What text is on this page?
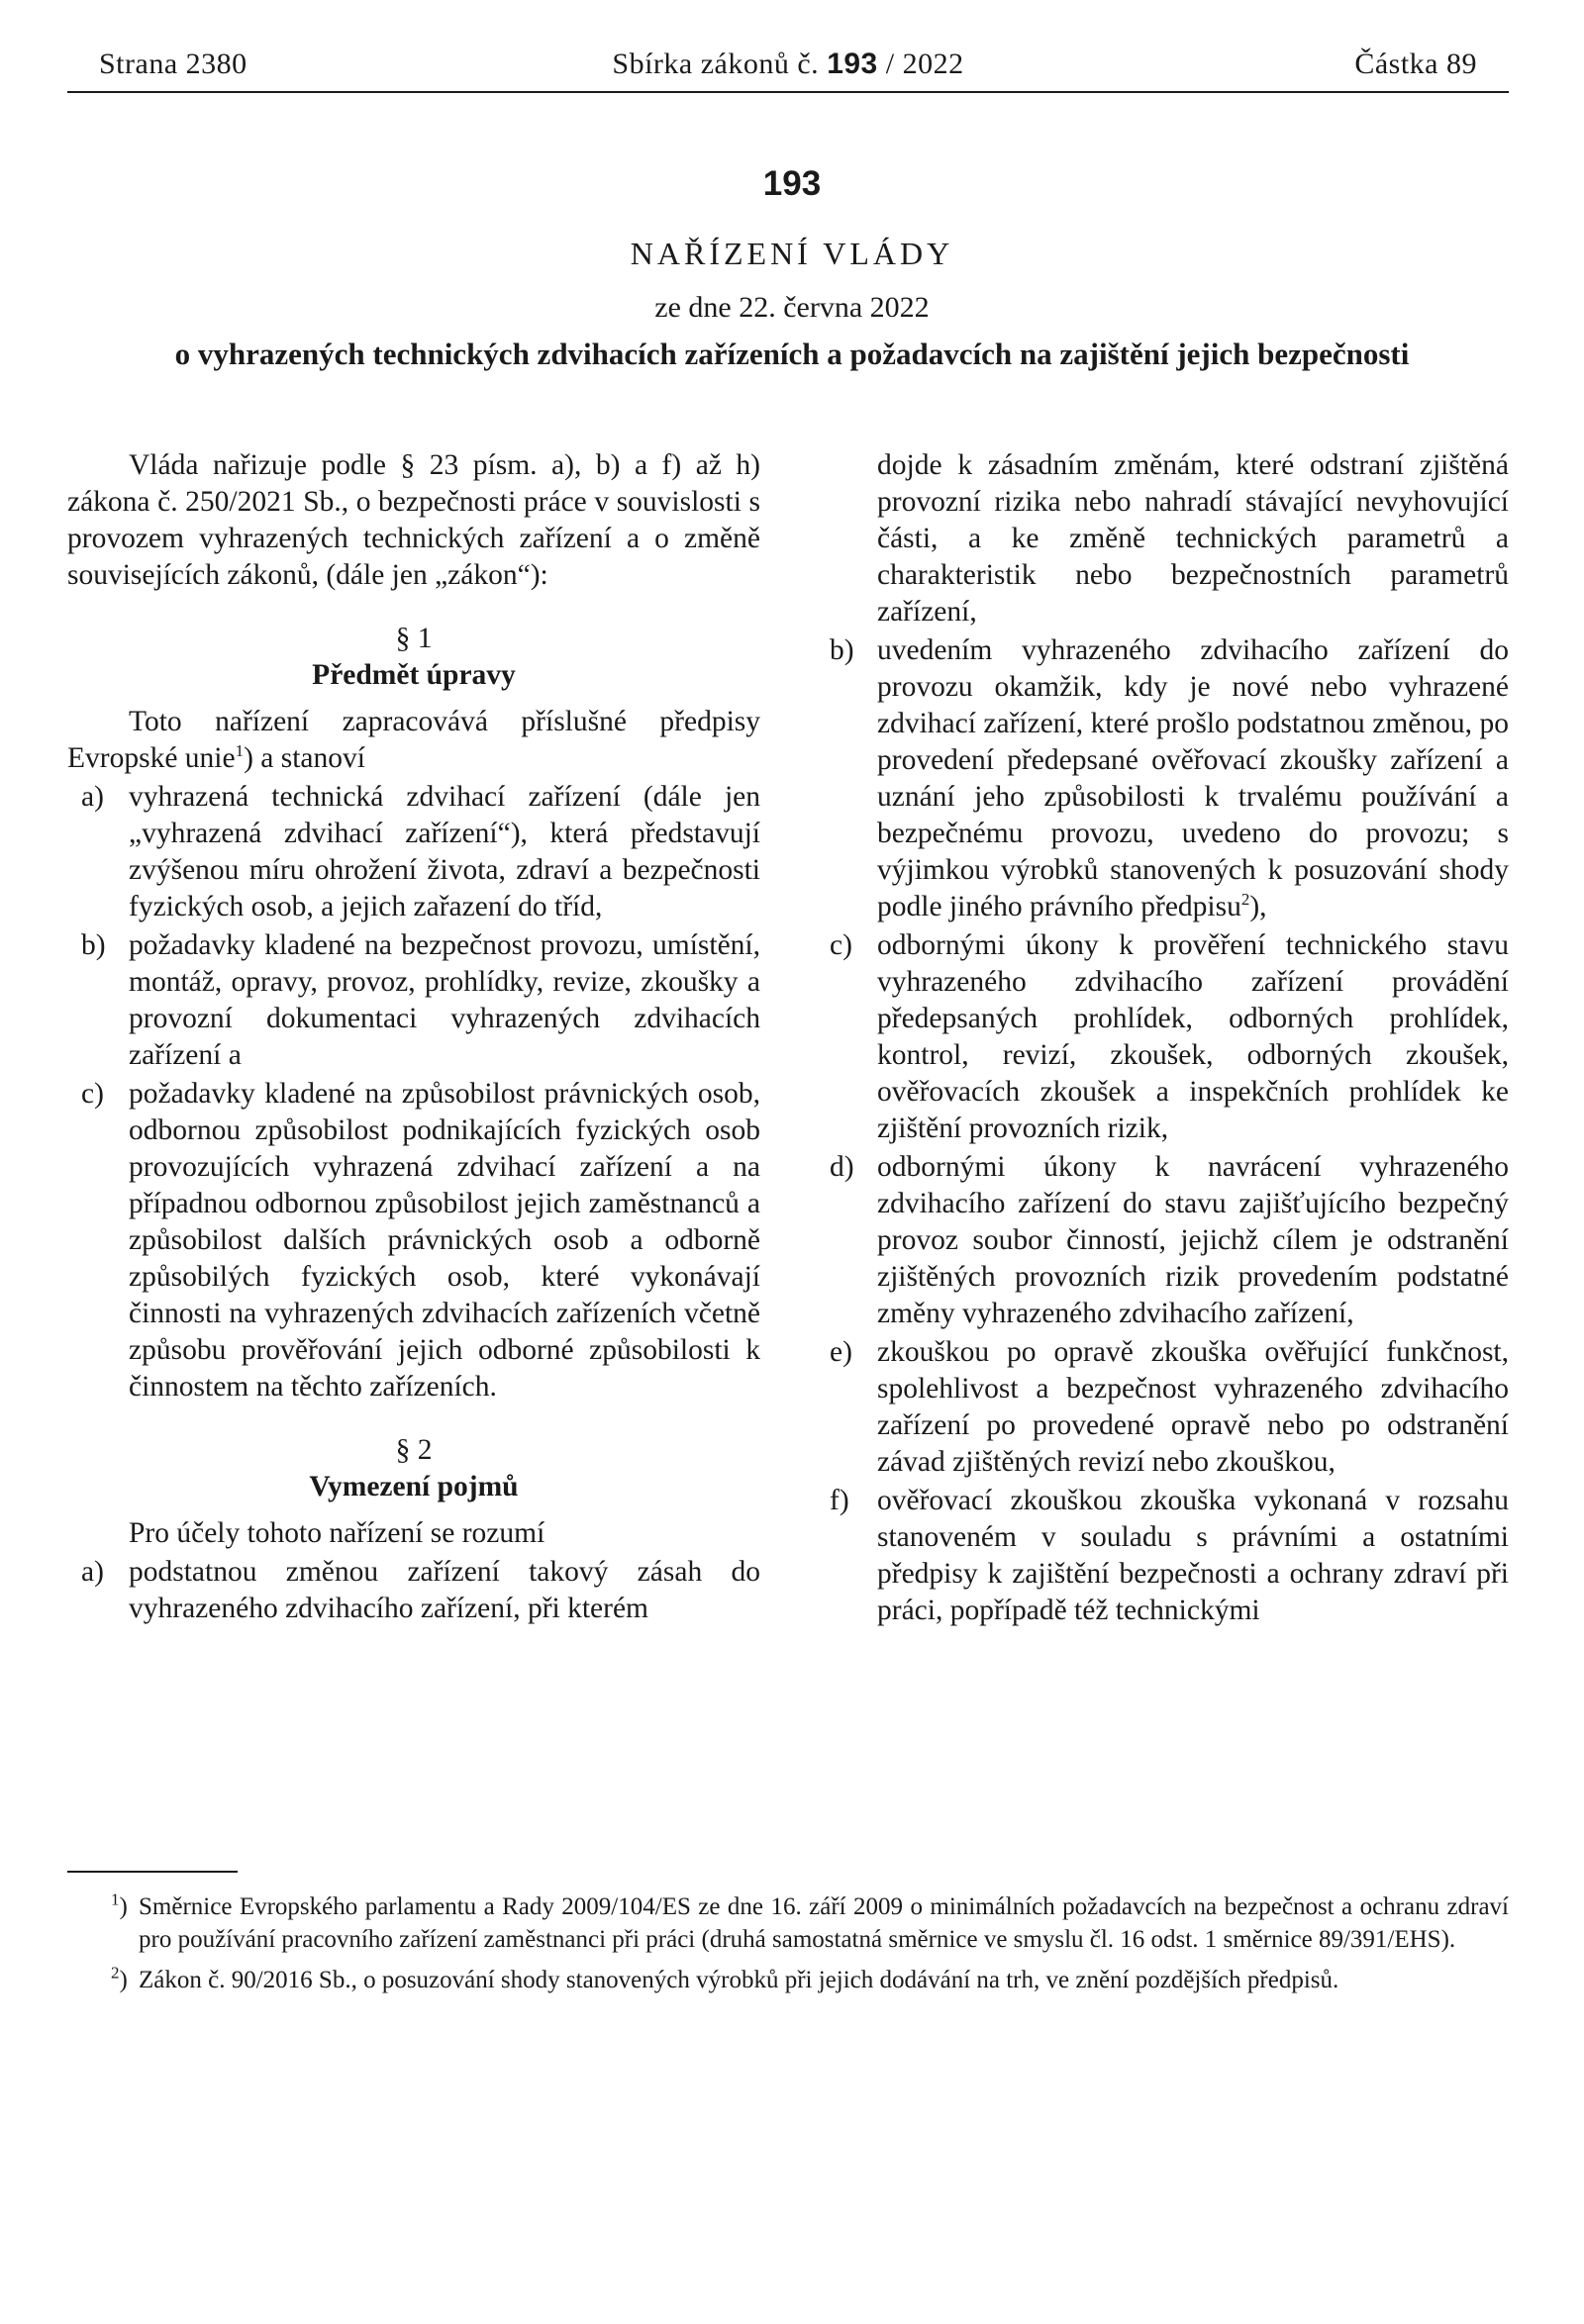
Strana 2380	Sbírka zákonů č. 193 / 2022	Částka 89
193
NAŘÍZENÍ VLÁDY
ze dne 22. června 2022
o vyhrazených technických zdvihacích zařízeních a požadavcích na zajištění jejich bezpečnosti

Vláda nařizuje podle § 23 písm. a), b) a f) až h) zákona č. 250/2021 Sb., o bezpečnosti práce v souvislosti s provozem vyhrazených technických zařízení a o změně souvisejících zákonů, (dále jen „zákon“):

§ 1

Předmět úpravy

Toto nařízení zapracovává příslušné předpisy Evropské unie$^1$) a stanoví

a) vyhrazená technická zdvihací zařízení (dále jen „vyhrazená zdvihací zařízení“), která představují zvýšenou míru ohrožení života, zdraví a bezpečnosti fyzických osob, a jejich zařazení do tříd,
b) požadavky kladené na bezpečnost provozu, umístění, montáž, opravy, provoz, prohlídky, revize, zkoušky a provozní dokumentaci vyhrazených zdvihacích zařízení a
c) požadavky kladené na způsobilost právnických osob, odbornou způsobilost podnikajících fyzických osob provozujících vyhrazená zdvihací zařízení a na případnou odbornou způsobilost jejich zaměstnanců a způsobilost dalších právnických osob a odborně způsobilých fyzických osob, které vykonávají činnosti na vyhrazených zdvihacích zařízeních včetně způsobu prověřování jejich odborné způsobilosti k činnostem na těchto zařízeních.

§ 2

Vymezení pojmů

Pro účely tohoto nařízení se rozumí

a) podstatnou změnou zařízení takový zásah do vyhrazeného zdvihacího zařízení, při kterém
dojde k zásadním změnám, které odstraní zjištěná provozní rizika nebo nahradí stávající nevyhovující části, a ke změně technických parametrů a charakteristik nebo bezpečnostních parametrů zařízení,
b) uvedením vyhrazeného zdvihacího zařízení do provozu okamžik, kdy je nové nebo vyhrazené zdvihací zařízení, které prošlo podstatnou změnou, po provedení předepsané ověřovací zkoušky zařízení a uznání jeho způsobilosti k trvalému používání a bezpečnému provozu, uvedeno do provozu; s výjimkou výrobků stanovených k posuzování shody podle jiného právního předpisu$^2$),
c) odbornými úkony k prověření technického stavu vyhrazeného zdvihacího zařízení provádění předepsaných prohlídek, odborných prohlídek, kontrol, revizí, zkoušek, odborných zkoušek, ověřovacích zkoušek a inspekčních prohlídek ke zjištění provozních rizik,
d) odbornými úkony k navrácení vyhrazeného zdvihacího zařízení do stavu zajišťujícího bezpečný provoz soubor činností, jejichž cílem je odstranění zjištěných provozních rizik provedením podstatné změny vyhrazeného zdvihacího zařízení,
e) zkouškou po opravě zkouška ověřující funkčnost, spolehlivost a bezpečnost vyhrazeného zdvihacího zařízení po provedené opravě nebo po odstranění závad zjištěných revizí nebo zkouškou,
f) ověřovací zkouškou zkouška vykonaná v rozsahu stanoveném v souladu s právními a ostatními předpisy k zajištění bezpečnosti a ochrany zdraví při práci, popřípadě též technickými
$^1$) Směrnice Evropského parlamentu a Rady 2009/104/ES ze dne 16. září 2009 o minimálních požadavcích na bezpečnost a ochranu zdraví pro používání pracovního zařízení zaměstnanci při práci (druhá samostatná směrnice ve smyslu čl. 16 odst. 1 směrnice 89/391/EHS).
$^2$) Zákon č. 90/2016 Sb., o posuzování shody stanovených výrobků při jejich dodávání na trh, ve znění pozdějších předpisů.
